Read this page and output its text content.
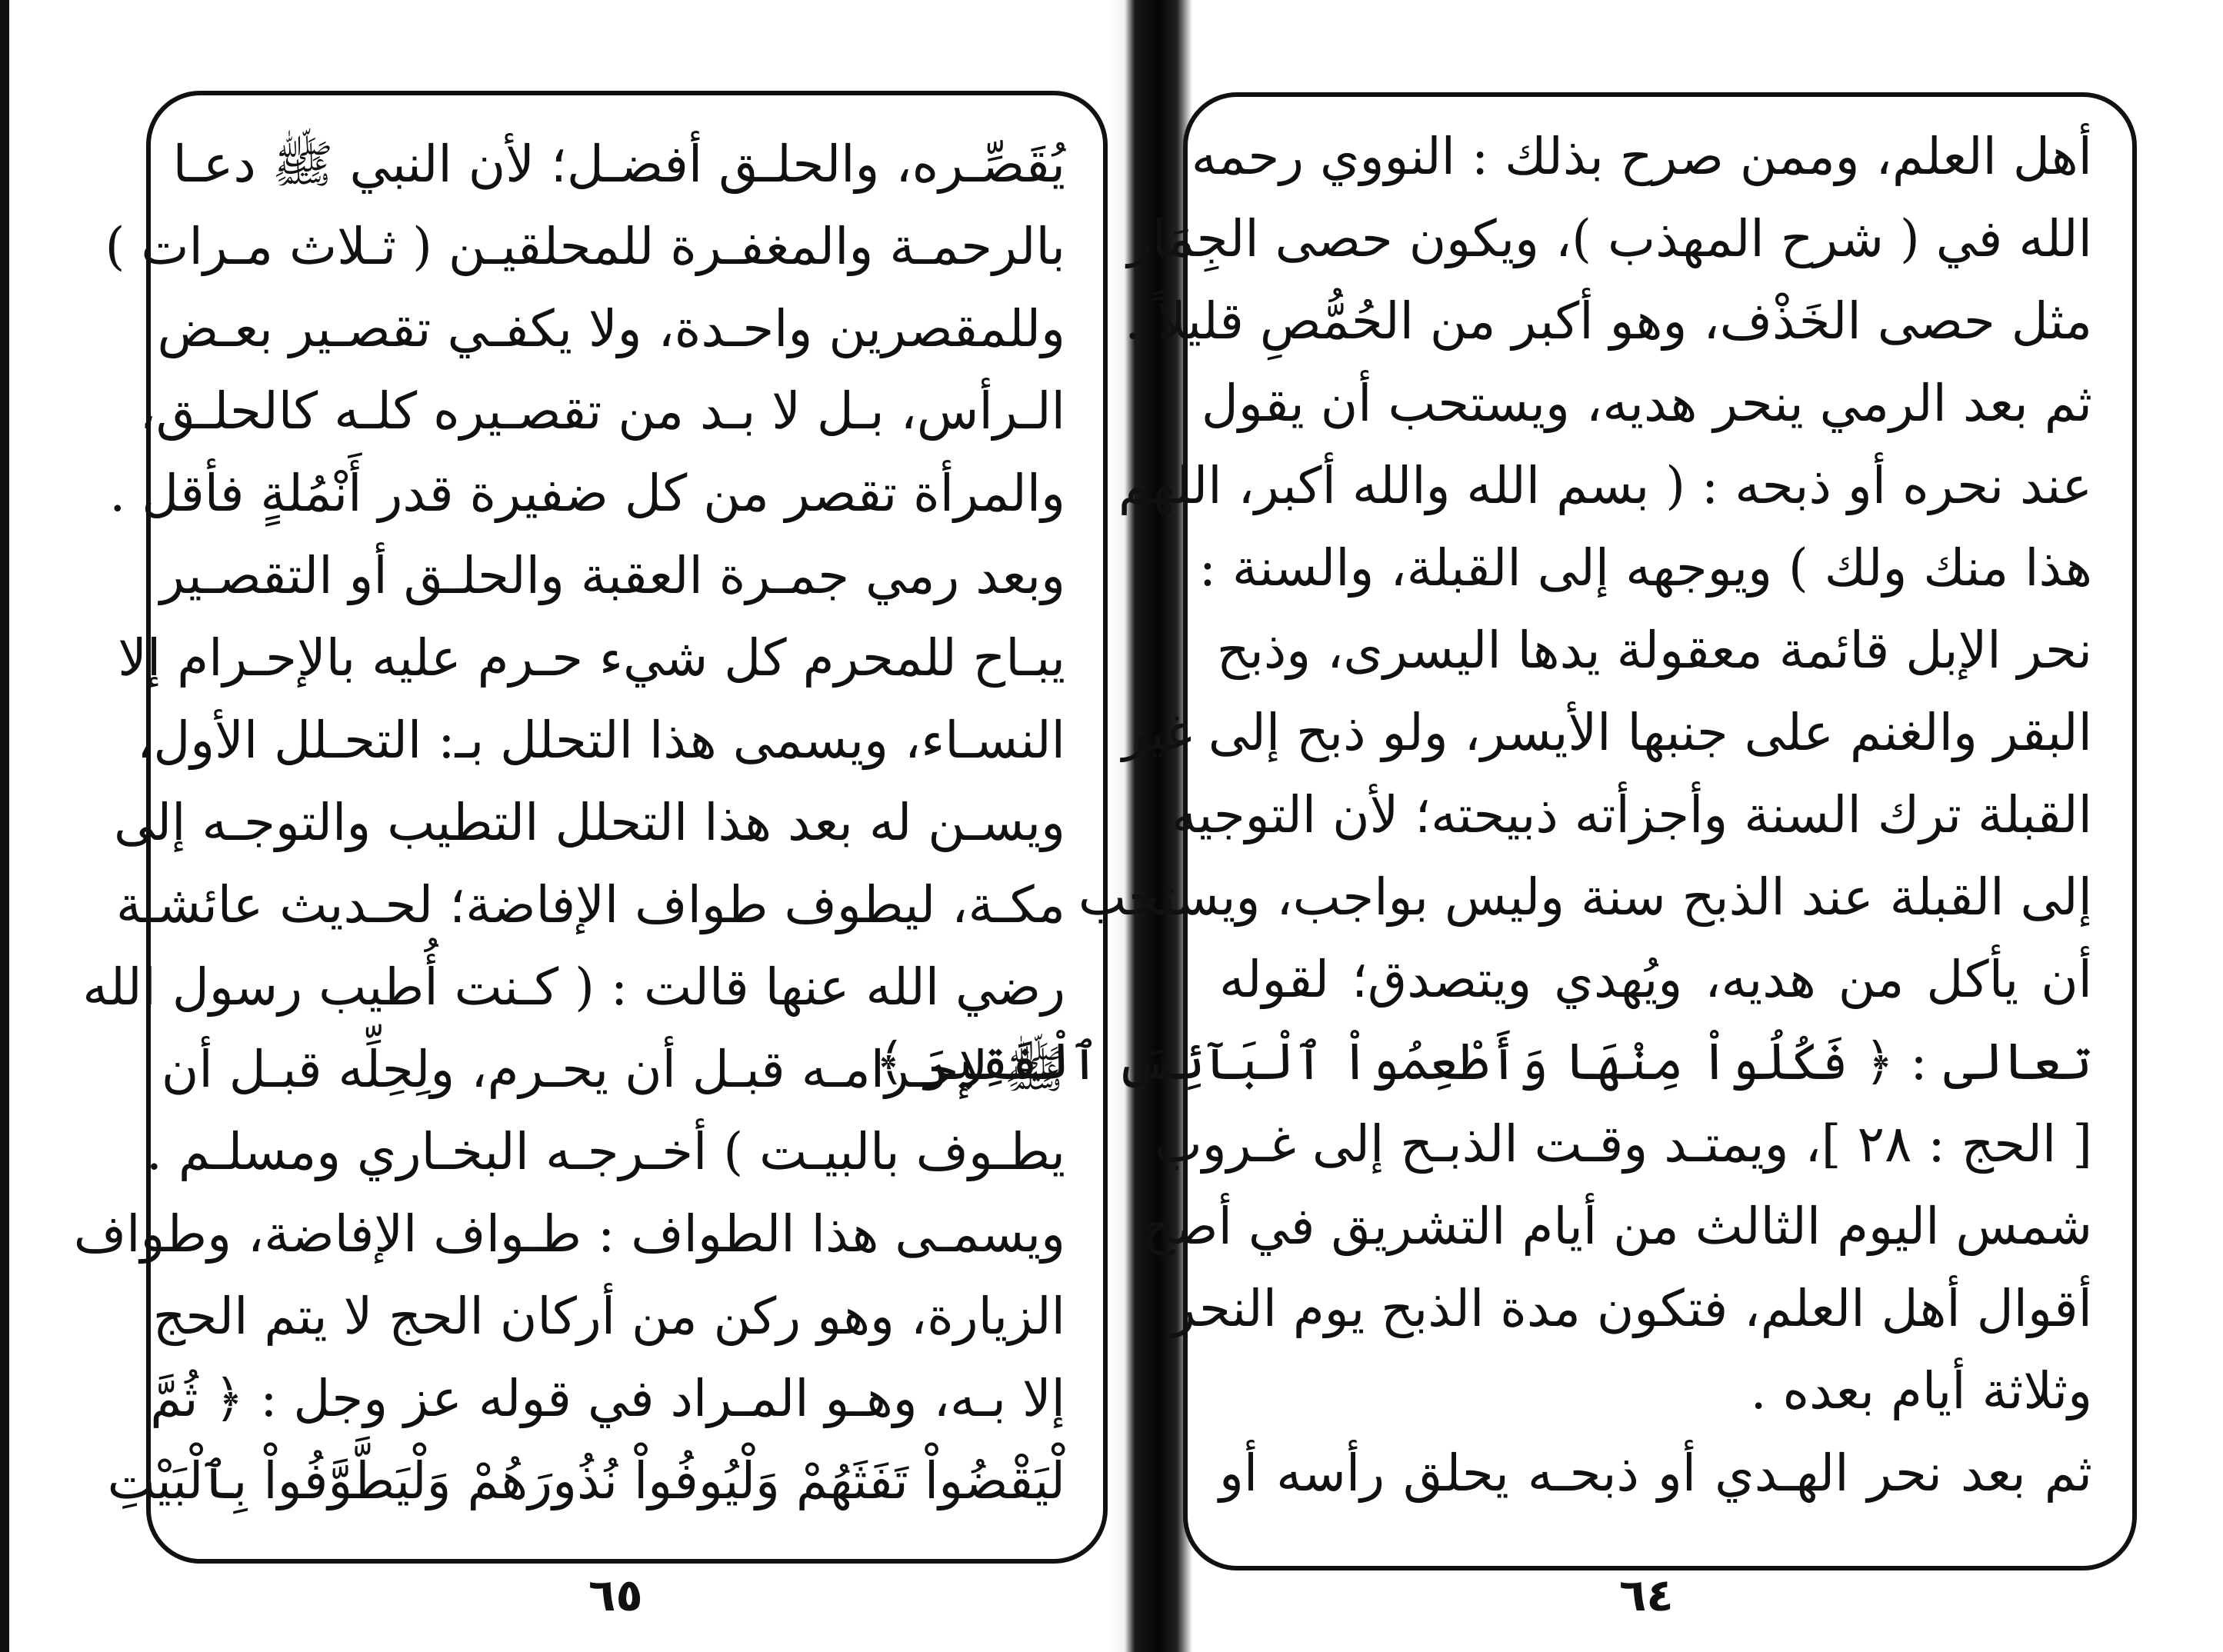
يُقَصِّـره، والحلـق أفضـل؛ لأن النبي ﷺ دعـا
بالرحمـة والمغفـرة للمحلقيـن ( ثـلاث مـرات )
وللمقصرين واحـدة، ولا يكفـي تقصـير بعـض
الـرأس، بـل لا بـد من تقصـيره كلـه كالحلـق،
والمرأة تقصر من كل ضفيرة قدر أَنْمُلةٍ فأقل .
وبعد رمي جمـرة العقبة والحلـق أو التقصـير
يبـاح للمحرم كل شيء حـرم عليه بالإحـرام إلا
النسـاء، ويسمى هذا التحلل بـ: التحـلل الأول،
ويسـن له بعد هذا التحلل التطيب والتوجـه إلى
مكـة، ليطوف طواف الإفاضة؛ لحـديث عائشـة
رضي الله عنها قالت : ( كـنت أُطيب رسول الله
ﷺ لإحـرامـه قبـل أن يحـرم، ولِحِلِّه قبـل أن
يطـوف بالبيـت ) أخـرجـه البخـاري ومسلـم .
ويسمـى هذا الطواف : طـواف الإفاضة، وطواف
الزيارة، وهو ركن من أركان الحج لا يتم الحج
إلا بـه، وهـو المـراد في قوله عز وجل : ﴿ ثُمَّ
لْيَقْضُواْ تَفَثَهُمْ وَلْيُوفُواْ نُذُورَهُمْ وَلْيَطَّوَّفُواْ بِٱلْبَيْتِ
أهل العلم، وممن صرح بذلك : النووي رحمه
الله في ( شرح المهذب )، ويكون حصى الجِمَار
مثل حصى الخَذْف، وهو أكبر من الحُمُّصِ قليلاً .
ثم بعد الرمي ينحر هديه، ويستحب أن يقول
عند نحره أو ذبحه : ( بسم الله والله أكبر، اللهم
هذا منك ولك ) ويوجهه إلى القبلة، والسنة :
نحر الإبل قائمة معقولة يدها اليسرى، وذبح
البقر والغنم على جنبها الأيسر، ولو ذبح إلى غير
القبلة ترك السنة وأجزأته ذبيحته؛ لأن التوجيه
إلى القبلة عند الذبح سنة وليس بواجب، ويستحب
أن يأكل من هديه، ويُهدي ويتصدق؛ لقوله
تعالى : ﴿ فَكُلُواْ مِنْهَا وَأَطْعِمُواْ ٱلْبَآئِسَ ٱلْفَقِيرَ ﴾
[ الحج : ٢٨ ]، ويمتـد وقـت الذبـح إلى غـروب
شمس اليوم الثالث من أيام التشريق في أصح
أقوال أهل العلم، فتكون مدة الذبح يوم النحر
وثلاثة أيام بعده .
ثم بعد نحر الهـدي أو ذبحـه يحلق رأسه أو
٦٥	٦٤
